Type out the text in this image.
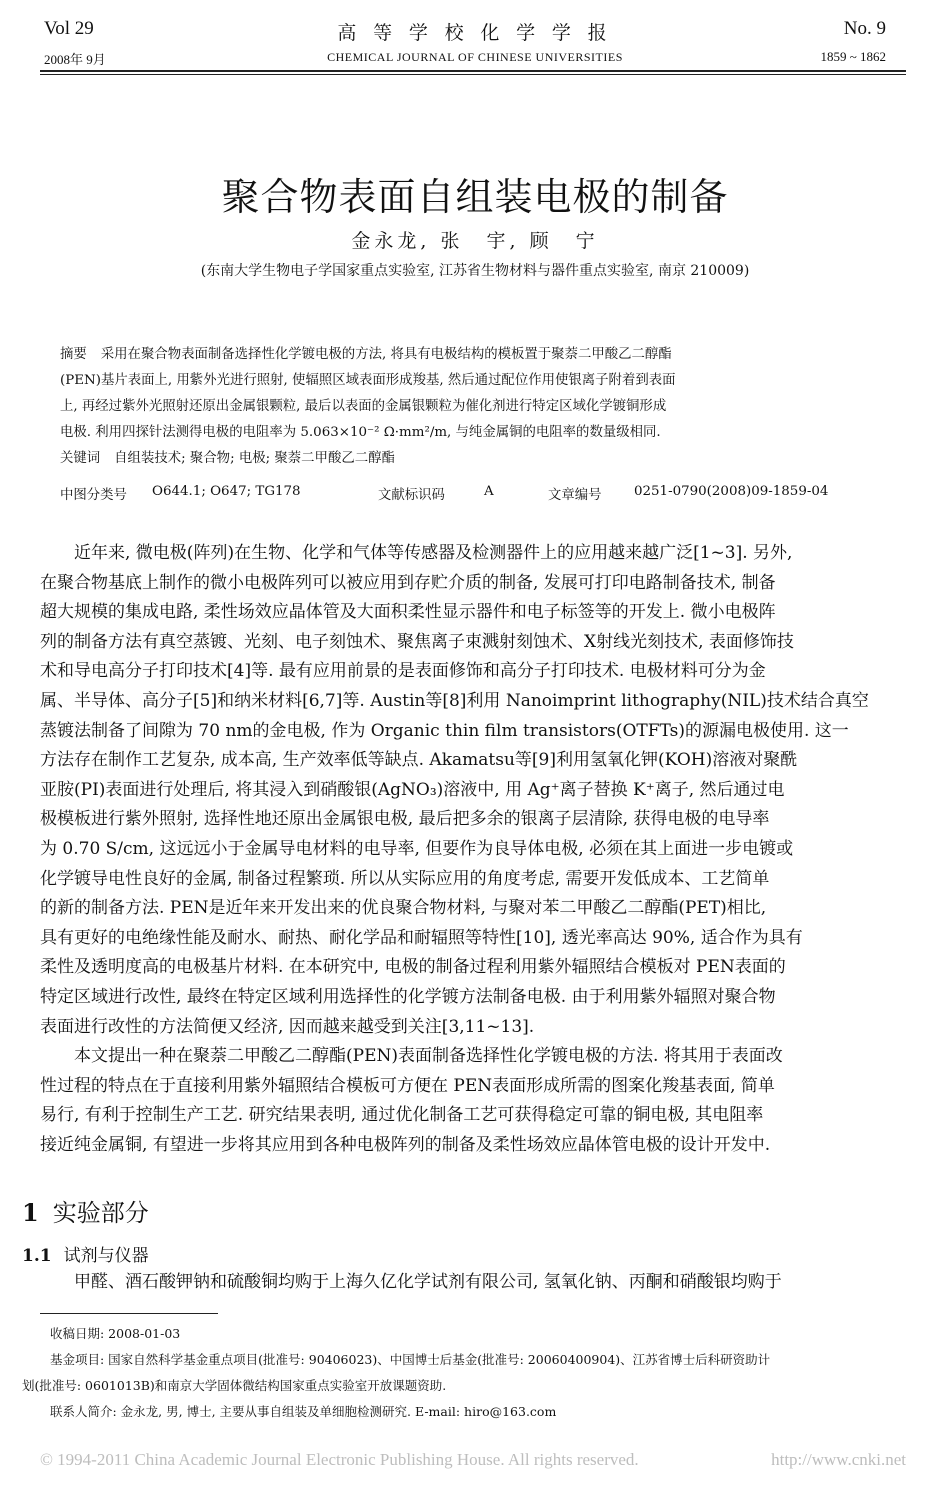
Vol 29	高 等 学 校 化 学 学 报	No. 9
2008年 9月	CHEMICAL JOURNAL OF CHINESE UNIVERSITIES	1859 ~ 1862
聚合物表面自组装电极的制备
金永龙, 张　宇, 顾　宁
(东南大学生物电子学国家重点实验室, 江苏省生物材料与器件重点实验室, 南京 210009)
摘要 采用在聚合物表面制备选择性化学镀电极的方法, 将具有电极结构的模板置于聚萘二甲酸乙二醇酯
(PEN)基片表面上, 用紫外光进行照射, 使辐照区域表面形成羧基, 然后通过配位作用使银离子附着到表面
上, 再经过紫外光照射还原出金属银颗粒, 最后以表面的金属银颗粒为催化剂进行特定区域化学镀铜形成
电极. 利用四探针法测得电极的电阻率为 5.063×10⁻² Ω·mm²/m, 与纯金属铜的电阻率的数量级相同.
关键词 自组装技术; 聚合物; 电极; 聚萘二甲酸乙二醇酯
中图分类号 O644.1; O647; TG178	文献标识码	A	文章编号 0251-0790(2008)09-1859-04
近年来, 微电极(阵列)在生物、化学和气体等传感器及检测器件上的应用越来越广泛[1~3]. 另外,
在聚合物基底上制作的微小电极阵列可以被应用到存贮介质的制备, 发展可打印电路制备技术, 制备
超大规模的集成电路, 柔性场效应晶体管及大面积柔性显示器件和电子标签等的开发上. 微小电极阵
列的制备方法有真空蒸镀、光刻、电子刻蚀术、聚焦离子束溅射刻蚀术、X射线光刻技术, 表面修饰技
术和导电高分子打印技术[4]等. 最有应用前景的是表面修饰和高分子打印技术. 电极材料可分为金
属、半导体、高分子[5]和纳米材料[6,7]等. Austin等[8]利用 Nanoimprint lithography(NIL)技术结合真空
蒸镀法制备了间隙为 70 nm的金电极, 作为 Organic thin film transistors(OTFTs)的源漏电极使用. 这一
方法存在制作工艺复杂, 成本高, 生产效率低等缺点. Akamatsu等[9]利用氢氧化钾(KOH)溶液对聚酰
亚胺(PI)表面进行处理后, 将其浸入到硝酸银(AgNO₃)溶液中, 用 Ag⁺离子替换 K⁺离子, 然后通过电
极模板进行紫外照射, 选择性地还原出金属银电极, 最后把多余的银离子层清除, 获得电极的电导率
为 0.70 S/cm, 这远远小于金属导电材料的电导率, 但要作为良导体电极, 必须在其上面进一步电镀或
化学镀导电性良好的金属, 制备过程繁琐. 所以从实际应用的角度考虑, 需要开发低成本、工艺简单
的新的制备方法. PEN是近年来开发出来的优良聚合物材料, 与聚对苯二甲酸乙二醇酯(PET)相比,
具有更好的电绝缘性能及耐水、耐热、耐化学品和耐辐照等特性[10], 透光率高达 90%, 适合作为具有
柔性及透明度高的电极基片材料. 在本研究中, 电极的制备过程利用紫外辐照结合模板对 PEN表面的
特定区域进行改性, 最终在特定区域利用选择性的化学镀方法制备电极. 由于利用紫外辐照对聚合物
表面进行改性的方法简便又经济, 因而越来越受到关注[3,11~13].
本文提出一种在聚萘二甲酸乙二醇酯(PEN)表面制备选择性化学镀电极的方法. 将其用于表面改
性过程的特点在于直接利用紫外辐照结合模板可方便在 PEN表面形成所需的图案化羧基表面, 简单
易行, 有利于控制生产工艺. 研究结果表明, 通过优化制备工艺可获得稳定可靠的铜电极, 其电阻率
接近纯金属铜, 有望进一步将其应用到各种电极阵列的制备及柔性场效应晶体管电极的设计开发中.
1 实验部分
1.1 试剂与仪器
甲醛、酒石酸钾钠和硫酸铜均购于上海久亿化学试剂有限公司, 氢氧化钠、丙酮和硝酸银均购于
收稿日期: 2008-01-03
基金项目: 国家自然科学基金重点项目(批准号: 90406023)、中国博士后基金(批准号: 20060400904)、江苏省博士后科研资助计
划(批准号: 0601013B)和南京大学固体微结构国家重点实验室开放课题资助.
联系人简介: 金永龙, 男, 博士, 主要从事自组装及单细胞检测研究. E-mail: hiro@163.com
© 1994-2011 China Academic Journal Electronic Publishing House. All rights reserved.	http://www.cnki.net
